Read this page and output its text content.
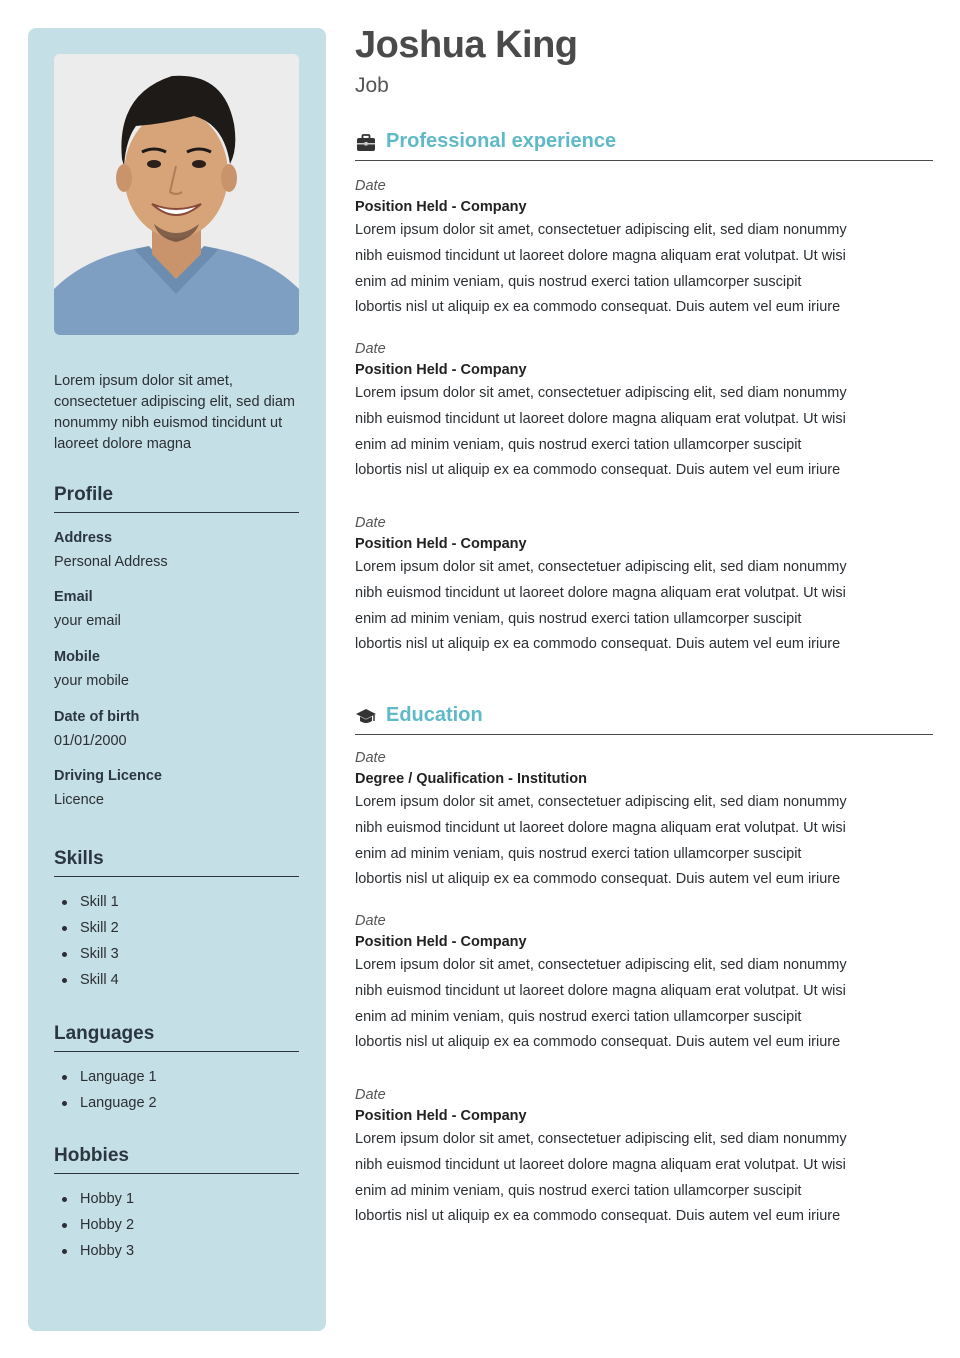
Lorem ipsum dolor sit amet, consectetuer adipiscing elit, sed diam nonummy nibh euismod tincidunt ut laoreet dolore magna
Profile
Address
Personal Address
Email
your email
Mobile
your mobile
Date of birth
01/01/2000
Driving Licence
Licence
Skills
Skill 1
Skill 2
Skill 3
Skill 4
Languages
Language 1
Language 2
Hobbies
Hobby 1
Hobby 2
Hobby 3
Joshua King
Job
Professional experience
Date
Position Held - Company
Lorem ipsum dolor sit amet, consectetuer adipiscing elit, sed diam nonummy
nibh euismod tincidunt ut laoreet dolore magna aliquam erat volutpat. Ut wisi
enim ad minim veniam, quis nostrud exerci tation ullamcorper suscipit
lobortis nisl ut aliquip ex ea commodo consequat. Duis autem vel eum iriure
Date
Position Held - Company
Lorem ipsum dolor sit amet, consectetuer adipiscing elit, sed diam nonummy
nibh euismod tincidunt ut laoreet dolore magna aliquam erat volutpat. Ut wisi
enim ad minim veniam, quis nostrud exerci tation ullamcorper suscipit
lobortis nisl ut aliquip ex ea commodo consequat. Duis autem vel eum iriure
Date
Position Held - Company
Lorem ipsum dolor sit amet, consectetuer adipiscing elit, sed diam nonummy
nibh euismod tincidunt ut laoreet dolore magna aliquam erat volutpat. Ut wisi
enim ad minim veniam, quis nostrud exerci tation ullamcorper suscipit
lobortis nisl ut aliquip ex ea commodo consequat. Duis autem vel eum iriure
Education
Date
Degree / Qualification - Institution
Lorem ipsum dolor sit amet, consectetuer adipiscing elit, sed diam nonummy
nibh euismod tincidunt ut laoreet dolore magna aliquam erat volutpat. Ut wisi
enim ad minim veniam, quis nostrud exerci tation ullamcorper suscipit
lobortis nisl ut aliquip ex ea commodo consequat. Duis autem vel eum iriure
Date
Position Held - Company
Lorem ipsum dolor sit amet, consectetuer adipiscing elit, sed diam nonummy
nibh euismod tincidunt ut laoreet dolore magna aliquam erat volutpat. Ut wisi
enim ad minim veniam, quis nostrud exerci tation ullamcorper suscipit
lobortis nisl ut aliquip ex ea commodo consequat. Duis autem vel eum iriure
Date
Position Held - Company
Lorem ipsum dolor sit amet, consectetuer adipiscing elit, sed diam nonummy
nibh euismod tincidunt ut laoreet dolore magna aliquam erat volutpat. Ut wisi
enim ad minim veniam, quis nostrud exerci tation ullamcorper suscipit
lobortis nisl ut aliquip ex ea commodo consequat. Duis autem vel eum iriure
